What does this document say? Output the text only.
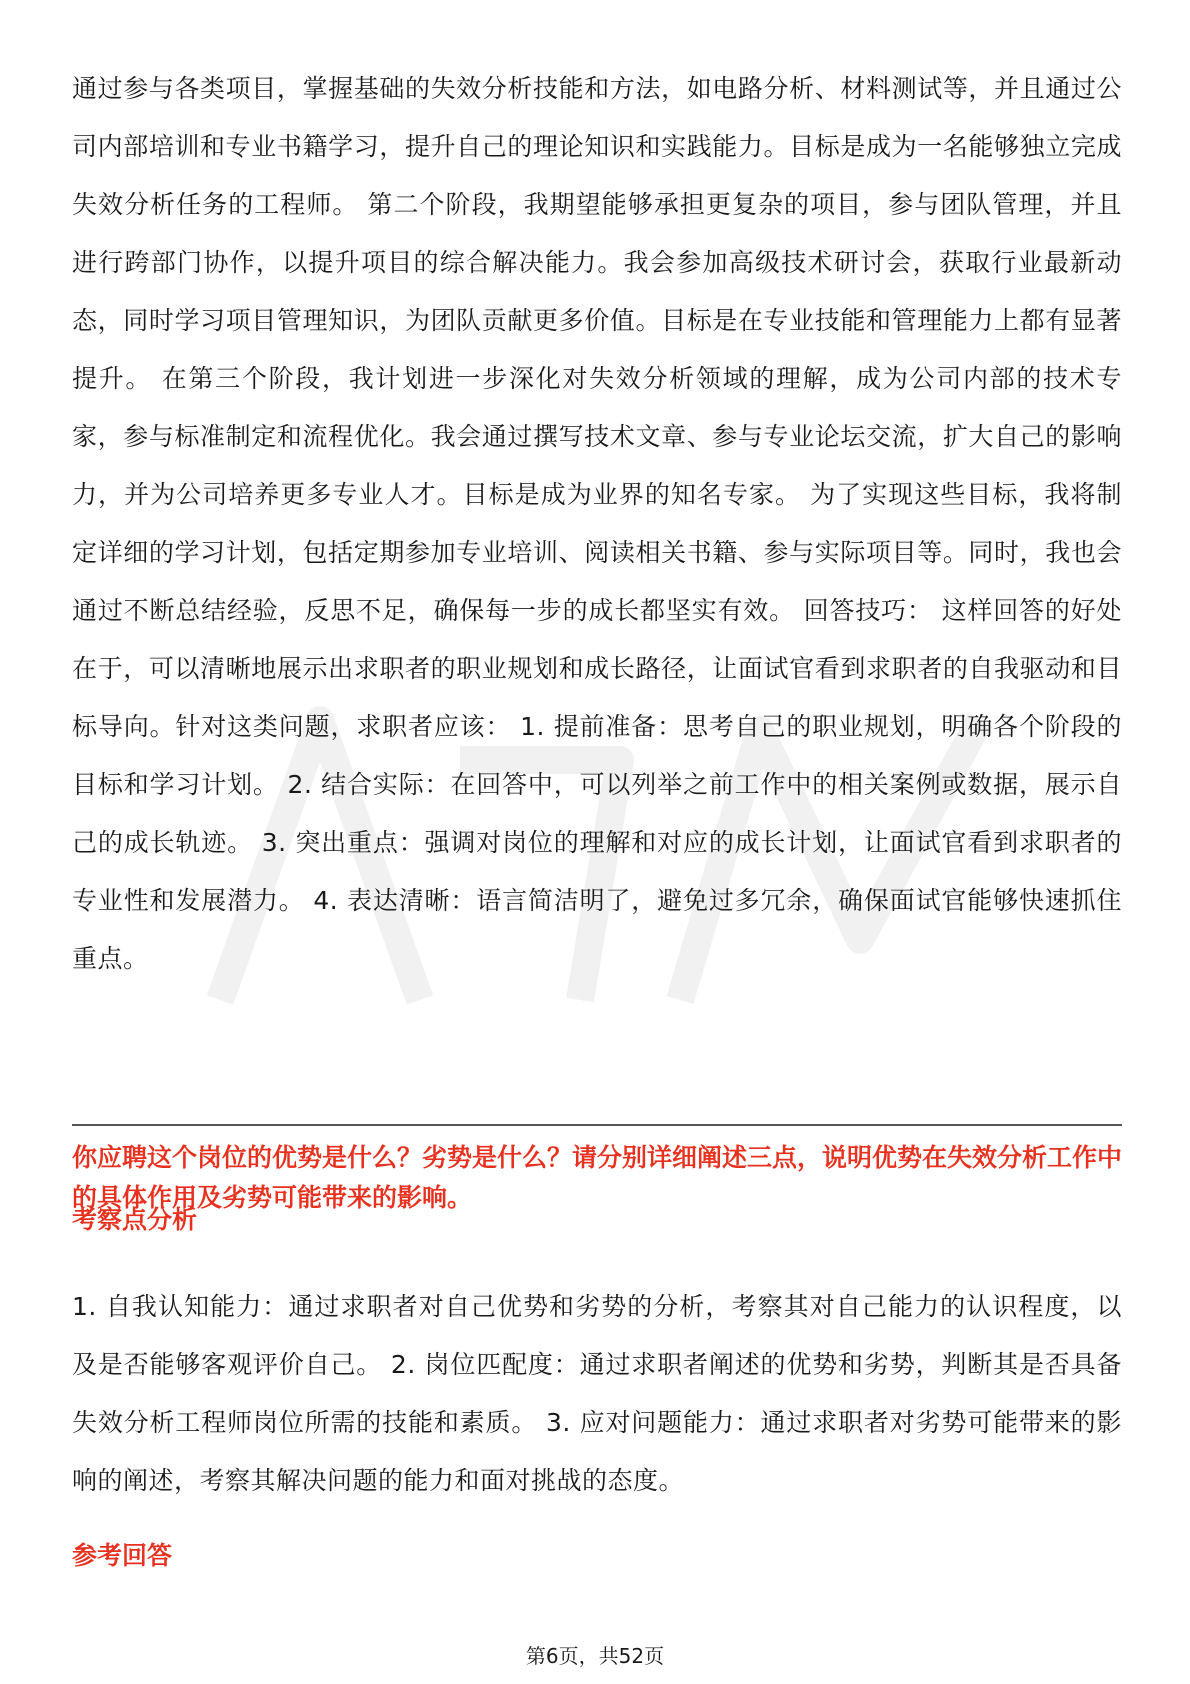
通过参与各类项目，掌握基础的失效分析技能和方法，如电路分析、材料测试等，并且通过公司内部培训和专业书籍学习，提升自己的理论知识和实践能力。目标是成为一名能够独立完成失效分析任务的工程师。 第二个阶段，我期望能够承担更复杂的项目，参与团队管理，并且进行跨部门协作，以提升项目的综合解决能力。我会参加高级技术研讨会，获取行业最新动态，同时学习项目管理知识，为团队贡献更多价值。目标是在专业技能和管理能力上都有显著提升。 在第三个阶段，我计划进一步深化对失效分析领域的理解，成为公司内部的技术专家，参与标准制定和流程优化。我会通过撰写技术文章、参与专业论坛交流，扩大自己的影响力，并为公司培养更多专业人才。目标是成为业界的知名专家。 为了实现这些目标，我将制定详细的学习计划，包括定期参加专业培训、阅读相关书籍、参与实际项目等。同时，我也会通过不断总结经验，反思不足，确保每一步的成长都坚实有效。 回答技巧： 这样回答的好处在于，可以清晰地展示出求职者的职业规划和成长路径，让面试官看到求职者的自我驱动和目标导向。针对这类问题，求职者应该： 1. 提前准备：思考自己的职业规划，明确各个阶段的目标和学习计划。 2. 结合实际：在回答中，可以列举之前工作中的相关案例或数据，展示自己的成长轨迹。 3. 突出重点：强调对岗位的理解和对应的成长计划，让面试官看到求职者的专业性和发展潜力。 4. 表达清晰：语言简洁明了，避免过多冗余，确保面试官能够快速抓住重点。

你应聘这个岗位的优势是什么？劣势是什么？请分别详细阐述三点，说明优势在失效分析工作中的具体作用及劣势可能带来的影响。

考察点分析

1. 自我认知能力：通过求职者对自己优势和劣势的分析，考察其对自己能力的认识程度，以及是否能够客观评价自己。 2. 岗位匹配度：通过求职者阐述的优势和劣势，判断其是否具备失效分析工程师岗位所需的技能和素质。 3. 应对问题能力：通过求职者对劣势可能带来的影响的阐述，考察其解决问题的能力和面对挑战的态度。

参考回答

第6页，共52页
